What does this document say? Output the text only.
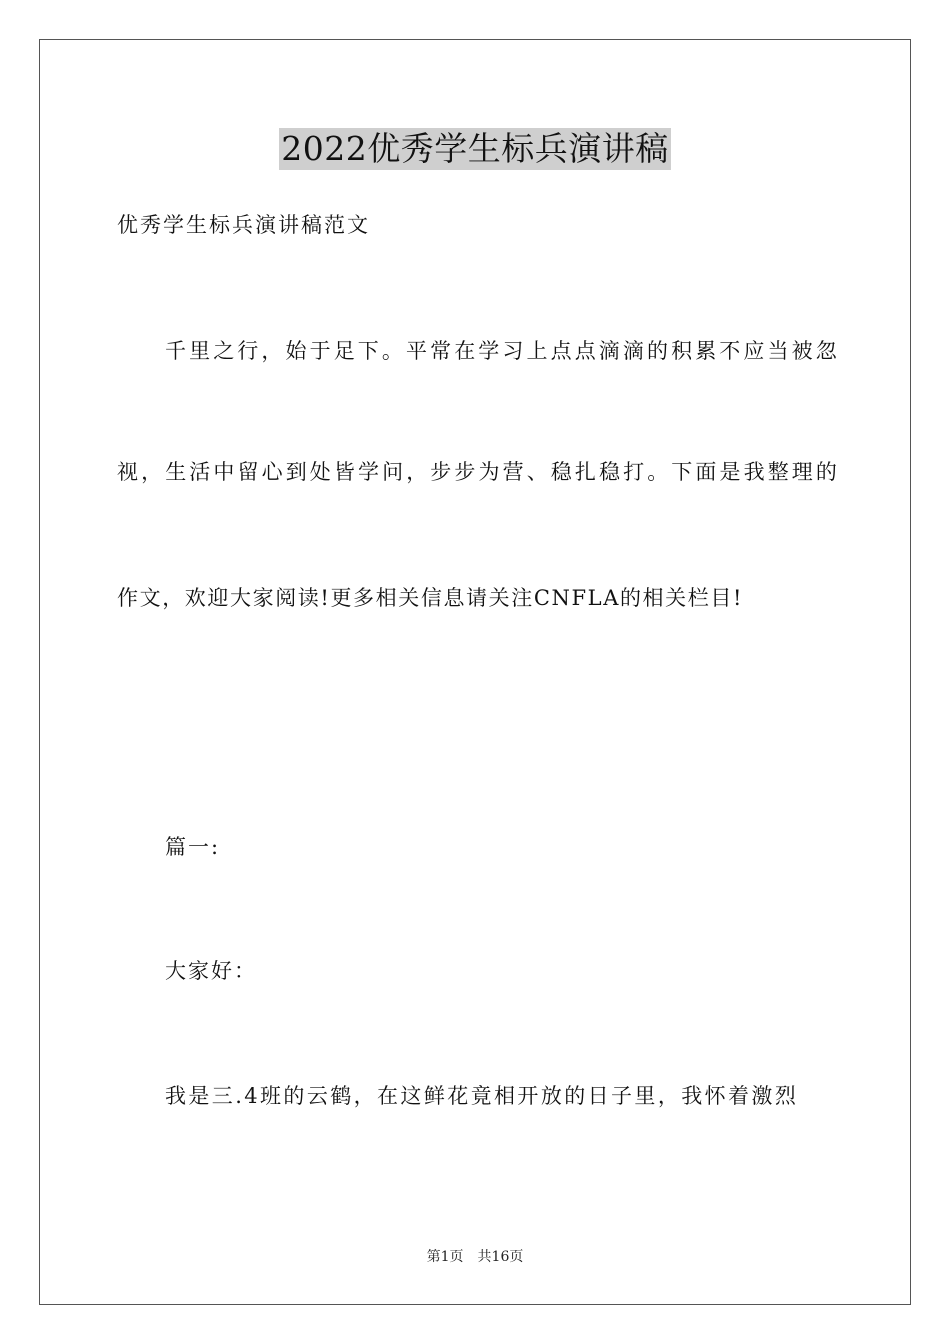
2022优秀学生标兵演讲稿
优秀学生标兵演讲稿范文
千里之行，始于足下。平常在学习上点点滴滴的积累不应当被忽
视，生活中留心到处皆学问，步步为营、稳扎稳打。下面是我整理的
作文，欢迎大家阅读!更多相关信息请关注CNFLA的相关栏目!
篇一:
大家好：
我是三.4班的云鹤，在这鲜花竟相开放的日子里，我怀着激烈
第1页 共16页
